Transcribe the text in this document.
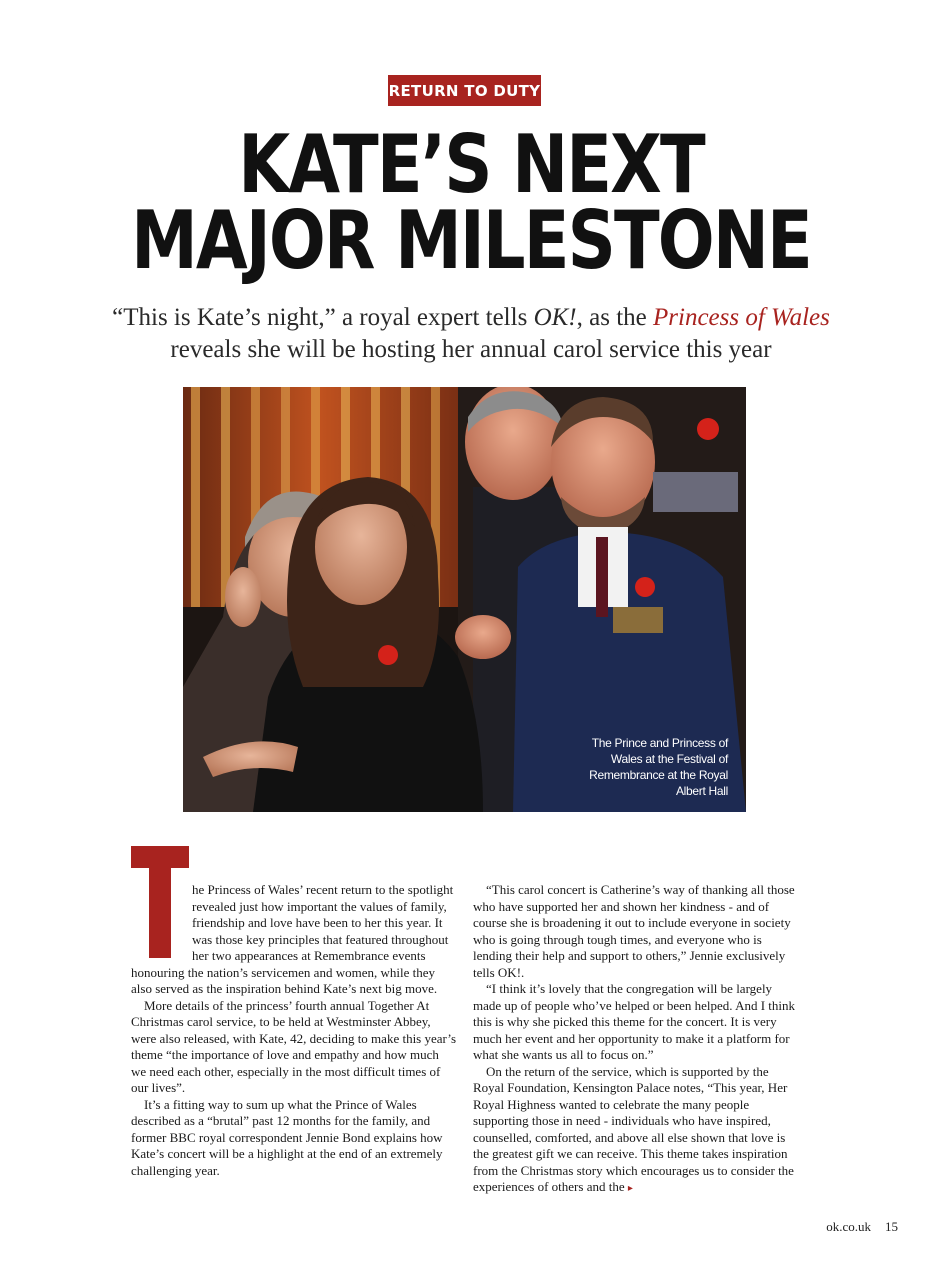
RETURN TO DUTY
KATE’S NEXT
MAJOR MILESTONE

“This is Kate’s night,” a royal expert tells OK!, as the Princess of Wales reveals she will be hosting her annual carol service this year

The Prince and Princess of Wales at the Festival of Remembrance at the Royal Albert Hall

he Princess of Wales’ recent return to the spotlight revealed just how important the values of family, friendship and love have been to her this year. It was those key principles that featured throughout her two appearances at Remembrance events honouring the nation’s servicemen and women, while they also served as the inspiration behind Kate’s next big move.

More details of the princess’ fourth annual Together At Christmas carol service, to be held at Westminster Abbey, were also released, with Kate, 42, deciding to make this year’s theme “the importance of love and empathy and how much we need each other, especially in the most difficult times of our lives”.

It’s a fitting way to sum up what the Prince of Wales described as a “brutal” past 12 months for the family, and former BBC royal correspondent Jennie Bond explains how Kate’s concert will be a highlight at the end of an extremely challenging year.

“This carol concert is Catherine’s way of thanking all those who have supported her and shown her kindness - and of course she is broadening it out to include everyone in society who is going through tough times, and everyone who is lending their help and support to others,” Jennie exclusively tells OK!.

“I think it’s lovely that the congregation will be largely made up of people who’ve helped or been helped. And I think this is why she picked this theme for the concert. It is very much her event and her opportunity to make it a platform for what she wants us all to focus on.”

On the return of the service, which is supported by the Royal Foundation, Kensington Palace notes, “This year, Her Royal Highness wanted to celebrate the many people supporting those in need - individuals who have inspired, counselled, comforted, and above all else shown that love is the greatest gift we can receive. This theme takes inspiration from the Christmas story which encourages us to consider the experiences of others and the ▸

ok.co.uk 15
